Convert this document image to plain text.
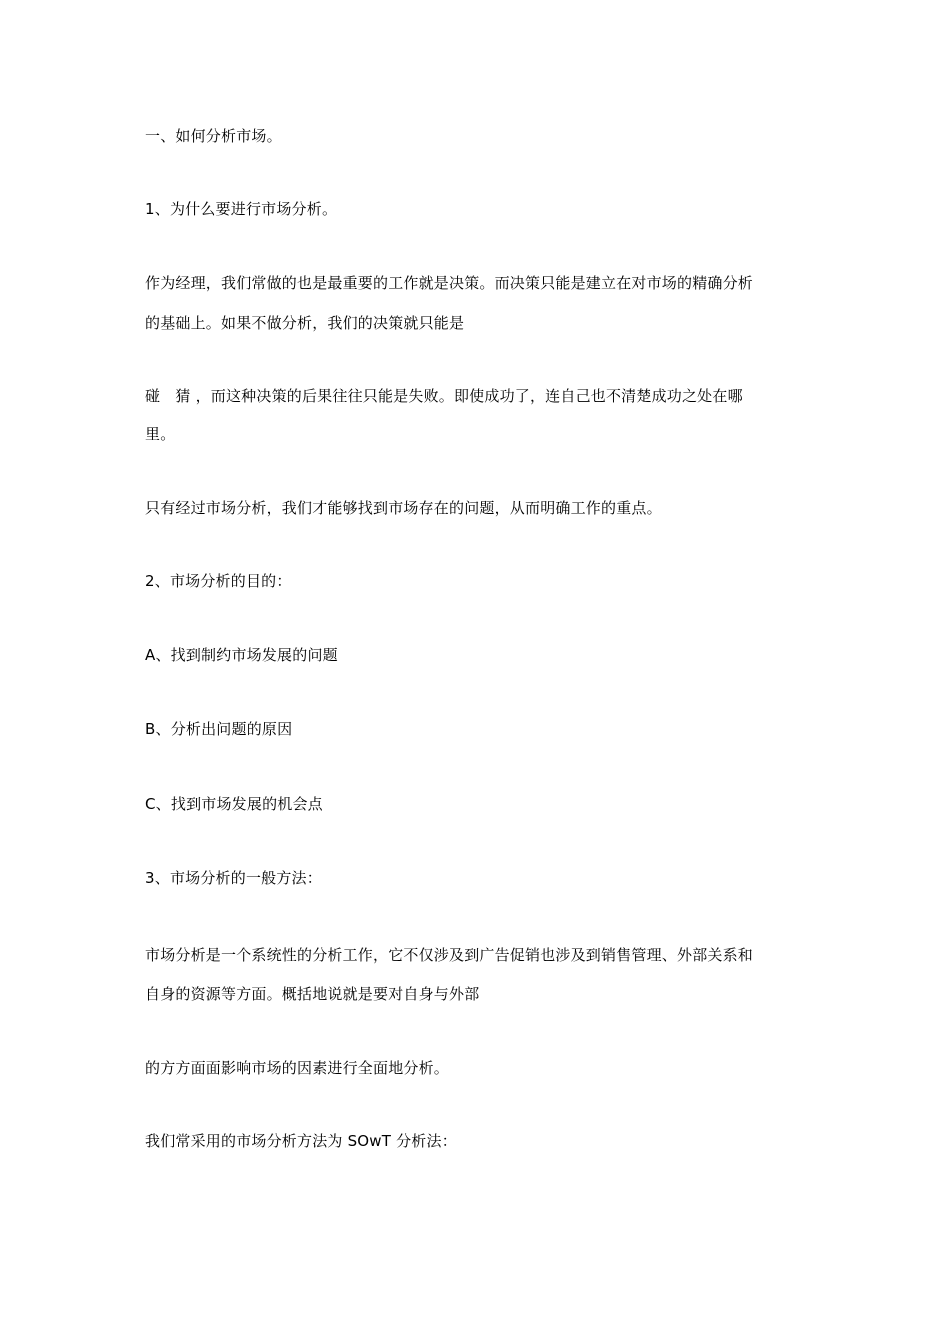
一、如何分析市场。
1、为什么要进行市场分析。
作为经理，我们常做的也是最重要的工作就是决策。而决策只能是建立在对市场的精确分析
的基础上。如果不做分析，我们的决策就只能是
碰　猜 ，而这种决策的后果往往只能是失败。即使成功了，连自己也不清楚成功之处在哪
里。
只有经过市场分析，我们才能够找到市场存在的问题，从而明确工作的重点。
2、市场分析的目的：
A、找到制约市场发展的问题
B、分析出问题的原因
C、找到市场发展的机会点
3、市场分析的一般方法：
市场分析是一个系统性的分析工作，它不仅涉及到广告促销也涉及到销售管理、外部关系和
自身的资源等方面。概括地说就是要对自身与外部
的方方面面影响市场的因素进行全面地分析。
我们常采用的市场分析方法为 SOwT 分析法：
